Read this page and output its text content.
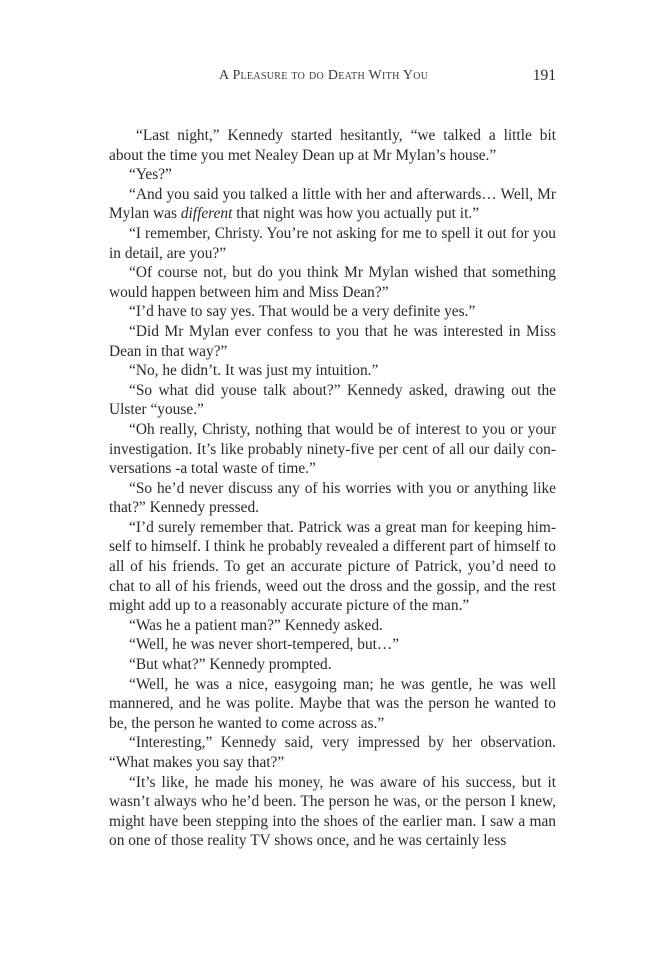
A Pleasure to do Death With You	191

“Last night,” Kennedy started hesitantly, “we talked a little bit about the time you met Nealey Dean up at Mr Mylan’s house.”

“Yes?”

“And you said you talked a little with her and afterwards… Well, Mr Mylan was different that night was how you actually put it.”

“I remember, Christy. You’re not asking for me to spell it out for you in detail, are you?”

“Of course not, but do you think Mr Mylan wished that something would happen between him and Miss Dean?”

“I’d have to say yes. That would be a very definite yes.”

“Did Mr Mylan ever confess to you that he was interested in Miss Dean in that way?”

“No, he didn’t. It was just my intuition.”

“So what did youse talk about?” Kennedy asked, drawing out the Ulster “youse.”

“Oh really, Christy, nothing that would be of interest to you or your investigation. It’s like probably ninety-five per cent of all our daily conversations -a total waste of time.”

“So he’d never discuss any of his worries with you or anything like that?” Kennedy pressed.

“I’d surely remember that. Patrick was a great man for keeping himself to himself. I think he probably revealed a different part of himself to all of his friends. To get an accurate picture of Patrick, you’d need to chat to all of his friends, weed out the dross and the gossip, and the rest might add up to a reasonably accurate picture of the man.”

“Was he a patient man?” Kennedy asked.

“Well, he was never short-tempered, but…”

“But what?” Kennedy prompted.

“Well, he was a nice, easygoing man; he was gentle, he was well mannered, and he was polite. Maybe that was the person he wanted to be, the person he wanted to come across as.”

“Interesting,” Kennedy said, very impressed by her observation. “What makes you say that?”

“It’s like, he made his money, he was aware of his success, but it wasn’t always who he’d been. The person he was, or the person I knew, might have been stepping into the shoes of the earlier man. I saw a man on one of those reality TV shows once, and he was certainly less
